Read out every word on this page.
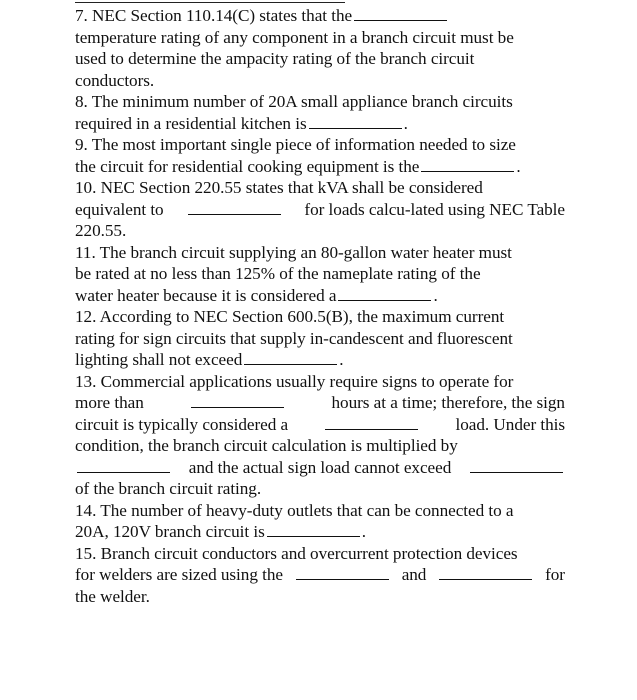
7. NEC Section 110.14(C) states that the
temperature rating of any component in a branch circuit must be
used to determine the ampacity rating of the branch circuit
conductors.
8. The minimum number of 20A small appliance branch circuits
required in a residential kitchen is	.
9. The most important single piece of information needed to size
the circuit for residential cooking equipment is the	.
10. NEC Section 220.55 states that kVA shall be considered
equivalent to	for loads calcu-lated using NEC Table
220.55.
11. The branch circuit supplying an 80-gallon water heater must
be rated at no less than 125% of the nameplate rating of the
water heater because it is considered a	.
12. According to NEC Section 600.5(B), the maximum current
rating for sign circuits that supply in-candescent and fluorescent
lighting shall not exceed	.
13. Commercial applications usually require signs to operate for
more than	hours at a time; therefore, the sign
circuit is typically considered a	load. Under this
condition, the branch circuit calculation is multiplied by
and the actual sign load cannot exceed
of the branch circuit rating.
14. The number of heavy-duty outlets that can be connected to a
20A, 120V branch circuit is	.
15. Branch circuit conductors and overcurrent protection devices
for welders are sized using the	and	for
the welder.
